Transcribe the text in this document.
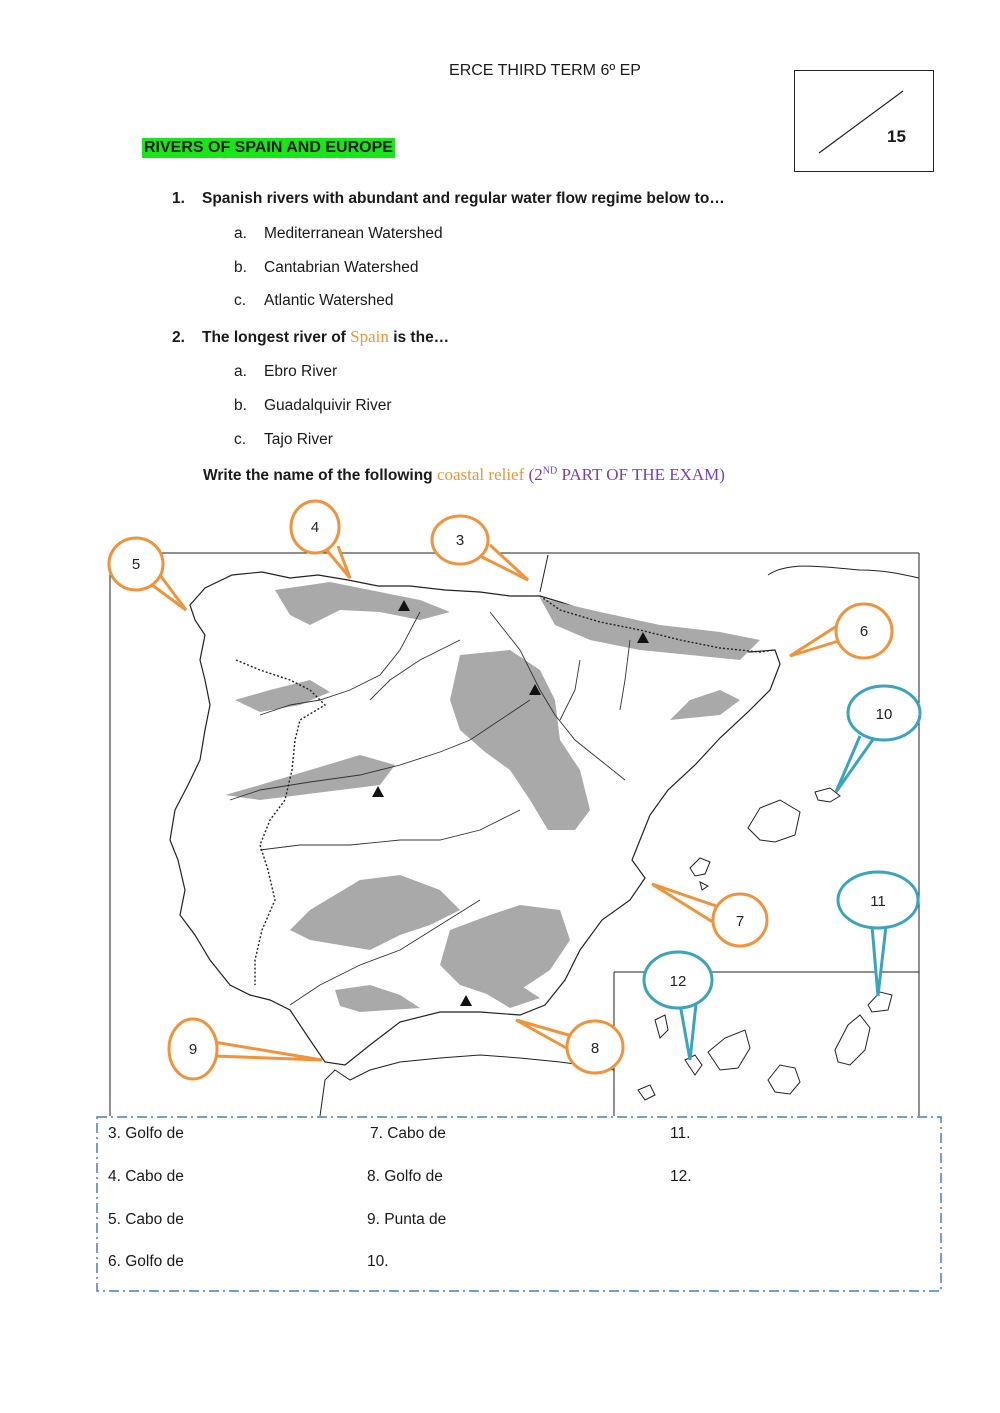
ERCE THIRD TERM 6º EP
15
RIVERS OF SPAIN AND EUROPE
1. Spanish rivers with abundant and regular water flow regime below to…
a. Mediterranean Watershed
b. Cantabrian Watershed
c. Atlantic Watershed
2. The longest river of Spain is the…
a. Ebro River
b. Guadalquivir River
c. Tajo River
Write the name of the following coastal relief (2ND PART OF THE EXAM)
3
4
5
6
7
8
9
10
11
12
3. Golfo de
4. Cabo de
5. Cabo de
6. Golfo de
7. Cabo de
8. Golfo de
9. Punta de
10.
11.
12.
